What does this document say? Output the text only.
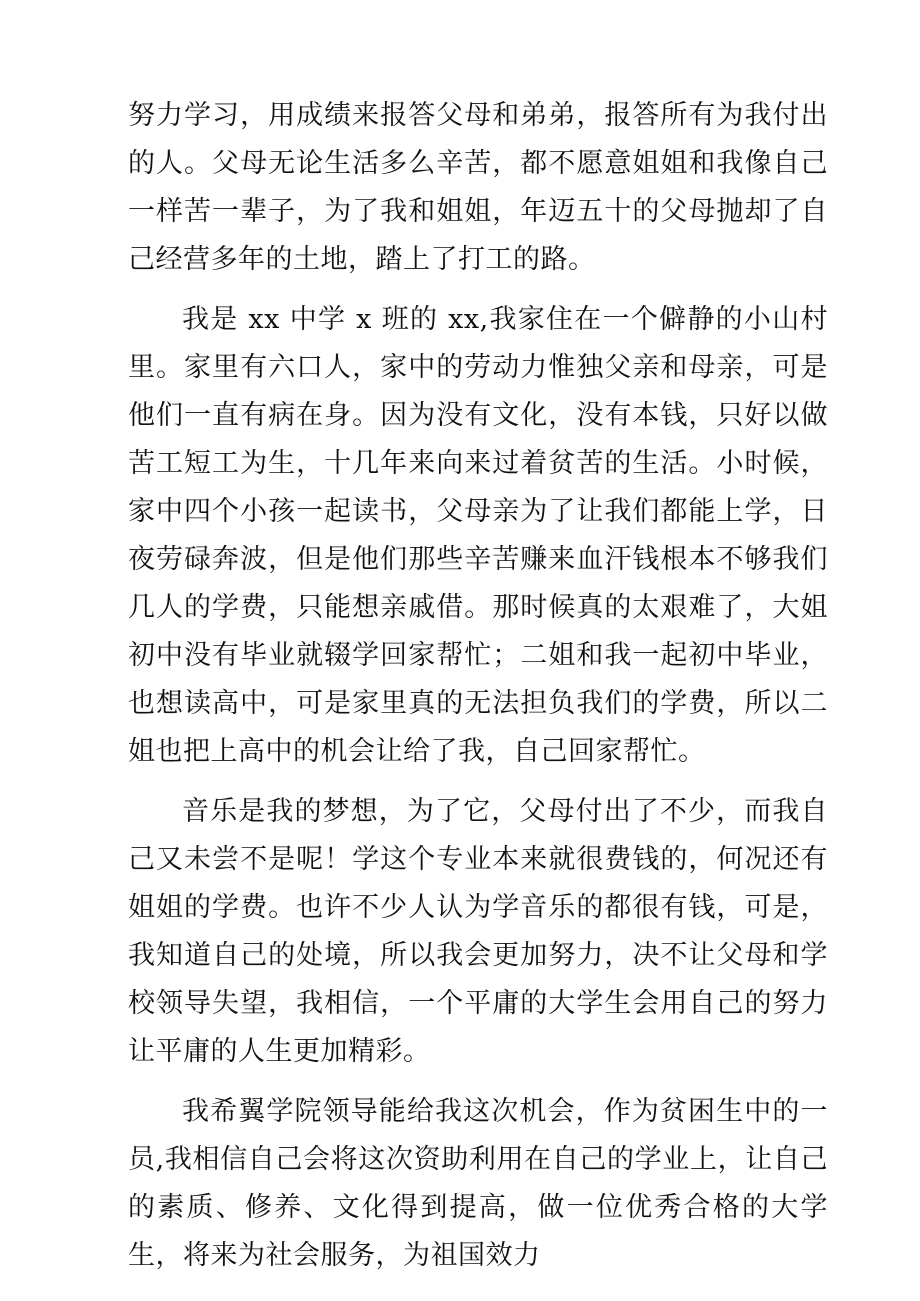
努力学习，用成绩来报答父母和弟弟，报答所有为我付出的人。父母无论生活多么辛苦，都不愿意姐姐和我像自己一样苦一辈子，为了我和姐姐，年迈五十的父母抛却了自己经营多年的土地，踏上了打工的路。

我是 xx 中学 x 班的 xx,我家住在一个僻静的小山村里。家里有六口人，家中的劳动力惟独父亲和母亲，可是他们一直有病在身。因为没有文化，没有本钱，只好以做苦工短工为生，十几年来向来过着贫苦的生活。小时候，家中四个小孩一起读书，父母亲为了让我们都能上学，日夜劳碌奔波，但是他们那些辛苦赚来血汗钱根本不够我们几人的学费，只能想亲戚借。那时候真的太艰难了，大姐初中没有毕业就辍学回家帮忙；二姐和我一起初中毕业，也想读高中，可是家里真的无法担负我们的学费，所以二姐也把上高中的机会让给了我，自己回家帮忙。

音乐是我的梦想，为了它，父母付出了不少，而我自己又未尝不是呢！学这个专业本来就很费钱的，何况还有姐姐的学费。也许不少人认为学音乐的都很有钱，可是，我知道自己的处境，所以我会更加努力，决不让父母和学校领导失望，我相信，一个平庸的大学生会用自己的努力让平庸的人生更加精彩。

我希翼学院领导能给我这次机会，作为贫困生中的一员,我相信自己会将这次资助利用在自己的学业上，让自己的素质、修养、文化得到提高，做一位优秀合格的大学生，将来为社会服务，为祖国效力
